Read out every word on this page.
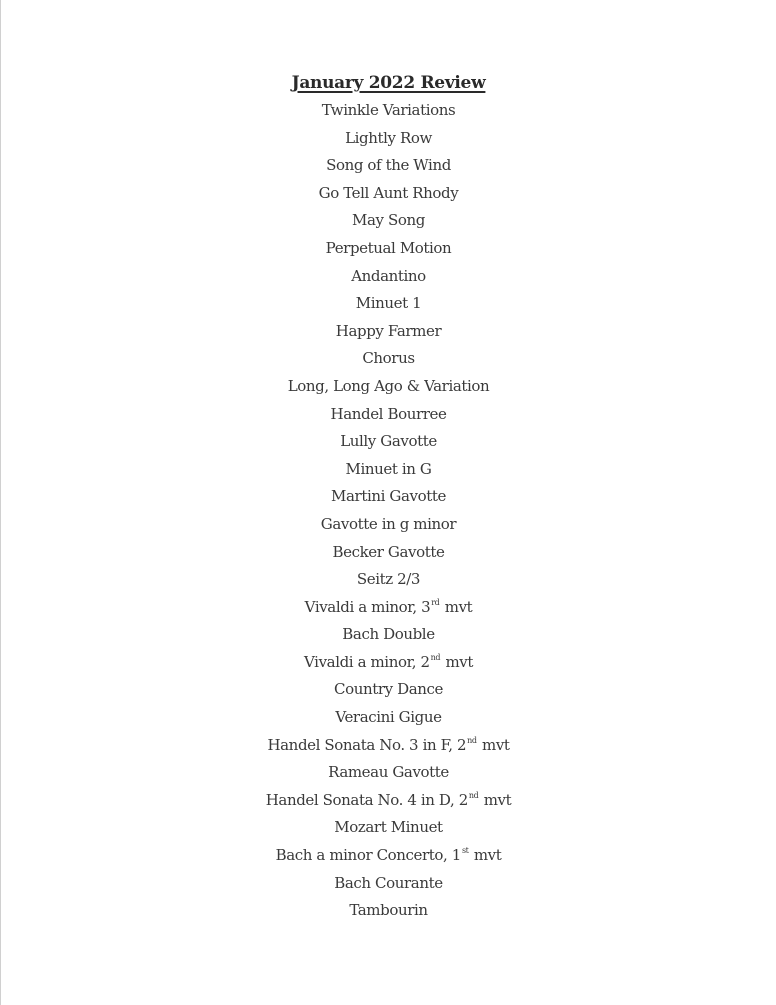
January 2022 Review
Twinkle Variations
Lightly Row
Song of the Wind
Go Tell Aunt Rhody
May Song
Perpetual Motion
Andantino
Minuet 1
Happy Farmer
Chorus
Long, Long Ago & Variation
Handel Bourree
Lully Gavotte
Minuet in G
Martini Gavotte
Gavotte in g minor
Becker Gavotte
Seitz 2/3
Vivaldi a minor, 3rd mvt
Bach Double
Vivaldi a minor, 2nd mvt
Country Dance
Veracini Gigue
Handel Sonata No. 3 in F, 2nd mvt
Rameau Gavotte
Handel Sonata No. 4 in D, 2nd mvt
Mozart Minuet
Bach a minor Concerto, 1st mvt
Bach Courante
Tambourin
